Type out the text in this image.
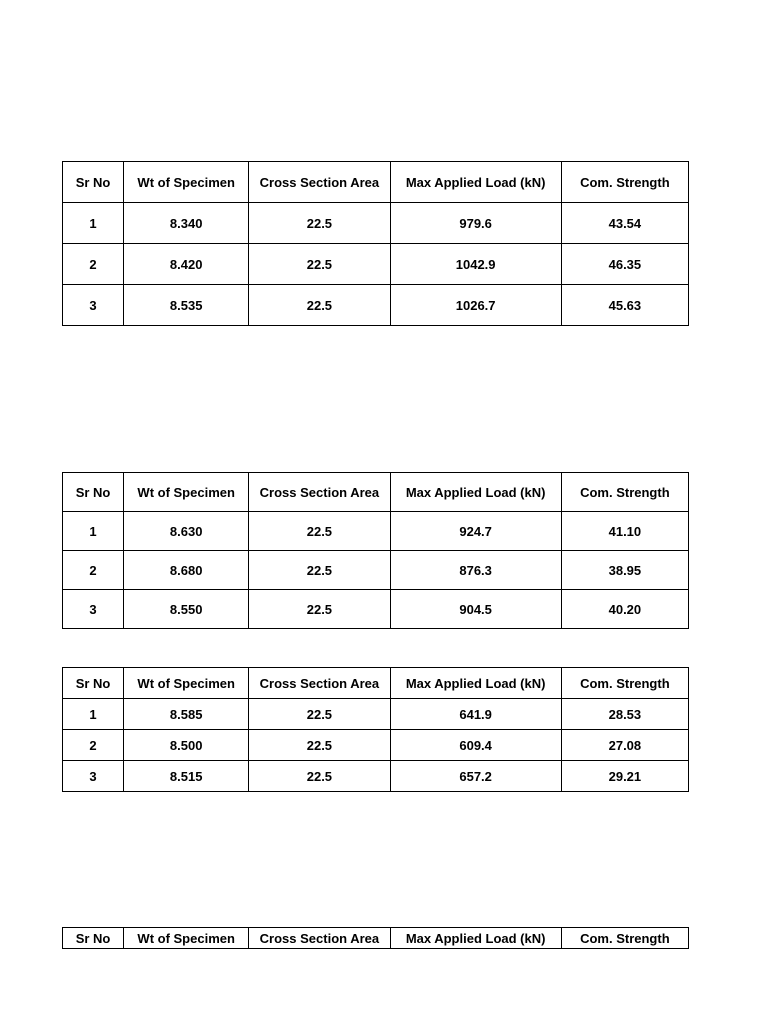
Sr No	Wt of Specimen	Cross Section Area	Max Applied Load (kN)	Com. Strength
1	8.340	22.5	979.6	43.54
2	8.420	22.5	1042.9	46.35
3	8.535	22.5	1026.7	45.63
Sr No	Wt of Specimen	Cross Section Area	Max Applied Load (kN)	Com. Strength
1	8.630	22.5	924.7	41.10
2	8.680	22.5	876.3	38.95
3	8.550	22.5	904.5	40.20
Sr No	Wt of Specimen	Cross Section Area	Max Applied Load (kN)	Com. Strength
1	8.585	22.5	641.9	28.53
2	8.500	22.5	609.4	27.08
3	8.515	22.5	657.2	29.21
Sr No	Wt of Specimen	Cross Section Area	Max Applied Load (kN)	Com. Strength
